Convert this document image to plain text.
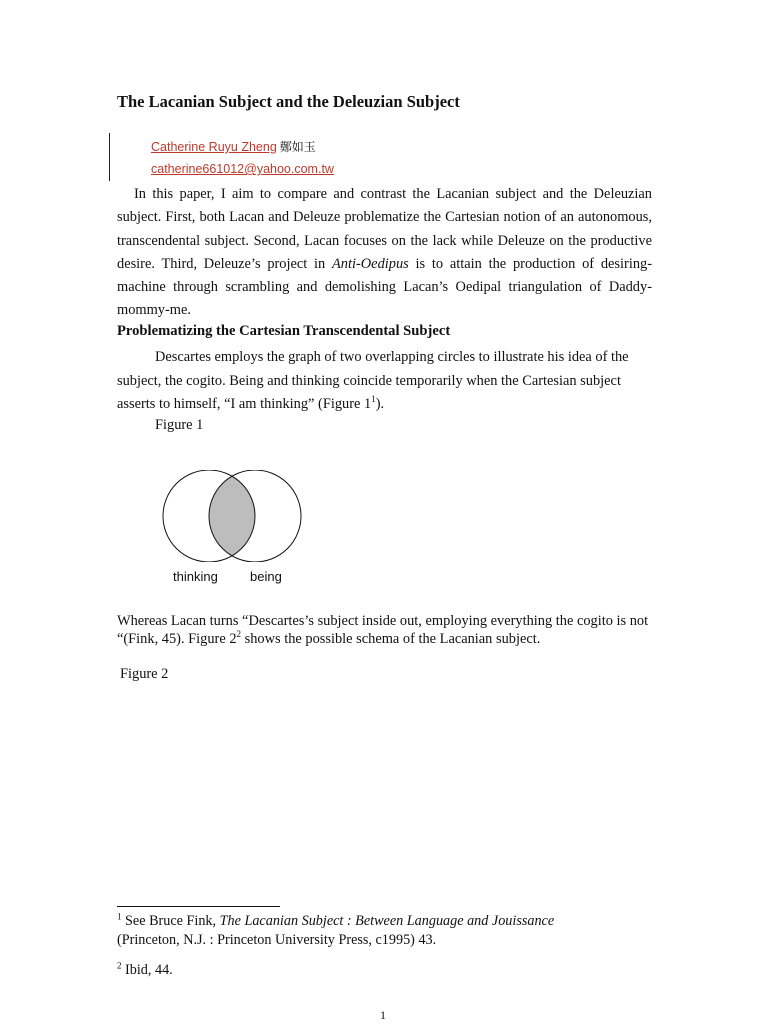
The Lacanian Subject and the Deleuzian Subject
Catherine Ruyu Zheng 鄭如玉
catherine661012@yahoo.com.tw

In this paper, I aim to compare and contrast the Lacanian subject and the Deleuzian subject. First, both Lacan and Deleuze problematize the Cartesian notion of an autonomous, transcendental subject. Second, Lacan focuses on the lack while Deleuze on the productive desire. Third, Deleuze’s project in Anti-Oedipus is to attain the production of desiring-machine through scrambling and demolishing Lacan’s Oedipal triangulation of Daddy-mommy-me.

Problematizing the Cartesian Transcendental Subject

Descartes employs the graph of two overlapping circles to illustrate his idea of the subject, the cogito. Being and thinking coincide temporarily when the Cartesian subject asserts to himself, “I am thinking” (Figure $1^1$).

Figure 1
thinking being

Whereas Lacan turns “Descartes’s subject inside out, employing everything the cogito is not “(Fink, 45). Figure $2^2$ shows the possible schema of the Lacanian subject.

Figure 2

$^1$ See Bruce Fink, The Lacanian Subject : Between Language and Jouissance
(Princeton, N.J. : Princeton University Press, c1995) 43.

$^2$ Ibid, 44.
1
